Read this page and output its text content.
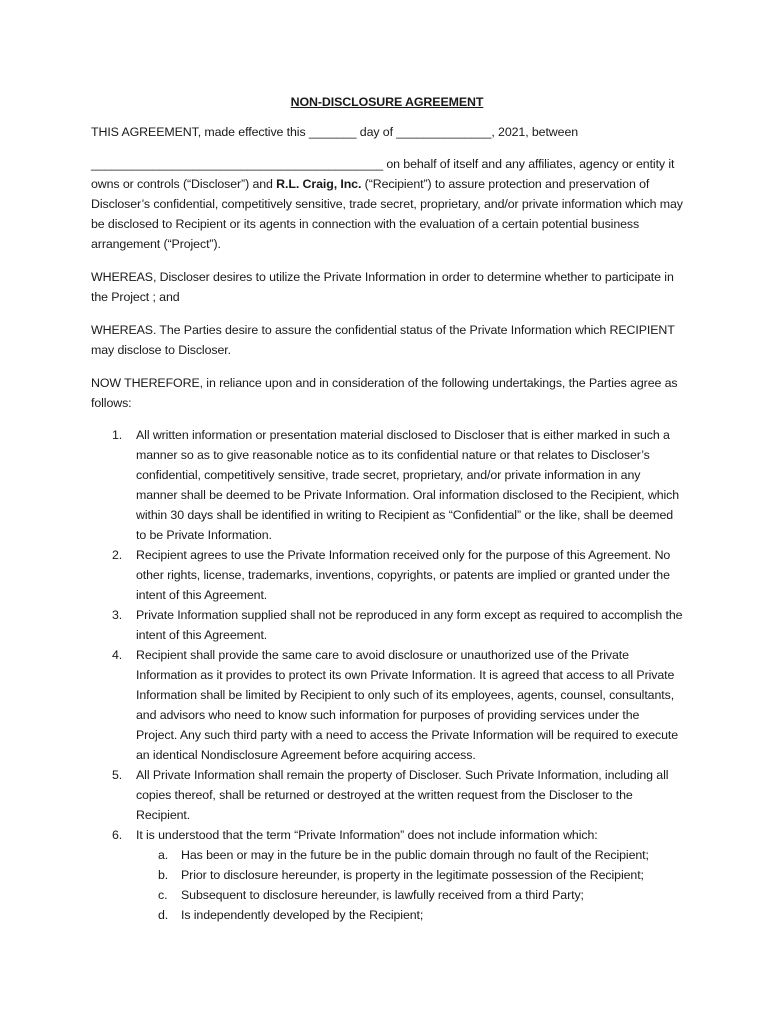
NON-DISCLOSURE AGREEMENT

THIS AGREEMENT, made effective this _______ day of ______________, 2021, between

___________________________________________ on behalf of itself and any affiliates, agency or entity it owns or controls (“Discloser”) and R.L. Craig, Inc. (“Recipient”) to assure protection and preservation of Discloser’s confidential, competitively sensitive, trade secret, proprietary, and/or private information which may be disclosed to Recipient or its agents in connection with the evaluation of a certain potential business arrangement (“Project”).

WHEREAS, Discloser desires to utilize the Private Information in order to determine whether to participate in the Project ; and

WHEREAS. The Parties desire to assure the confidential status of the Private Information which RECIPIENT may disclose to Discloser.

NOW THEREFORE, in reliance upon and in consideration of the following undertakings, the Parties agree as follows:

1. All written information or presentation material disclosed to Discloser that is either marked in such a manner so as to give reasonable notice as to its confidential nature or that relates to Discloser’s confidential, competitively sensitive, trade secret, proprietary, and/or private information in any manner shall be deemed to be Private Information. Oral information disclosed to the Recipient, which within 30 days shall be identified in writing to Recipient as “Confidential” or the like, shall be deemed to be Private Information.
2. Recipient agrees to use the Private Information received only for the purpose of this Agreement. No other rights, license, trademarks, inventions, copyrights, or patents are implied or granted under the intent of this Agreement.
3. Private Information supplied shall not be reproduced in any form except as required to accomplish the intent of this Agreement.
4. Recipient shall provide the same care to avoid disclosure or unauthorized use of the Private Information as it provides to protect its own Private Information. It is agreed that access to all Private Information shall be limited by Recipient to only such of its employees, agents, counsel, consultants, and advisors who need to know such information for purposes of providing services under the Project. Any such third party with a need to access the Private Information will be required to execute an identical Nondisclosure Agreement before acquiring access.
5. All Private Information shall remain the property of Discloser. Such Private Information, including all copies thereof, shall be returned or destroyed at the written request from the Discloser to the Recipient.
6. It is understood that the term “Private Information” does not include information which:
a. Has been or may in the future be in the public domain through no fault of the Recipient;
b. Prior to disclosure hereunder, is property in the legitimate possession of the Recipient;
c. Subsequent to disclosure hereunder, is lawfully received from a third Party;
d. Is independently developed by the Recipient;
